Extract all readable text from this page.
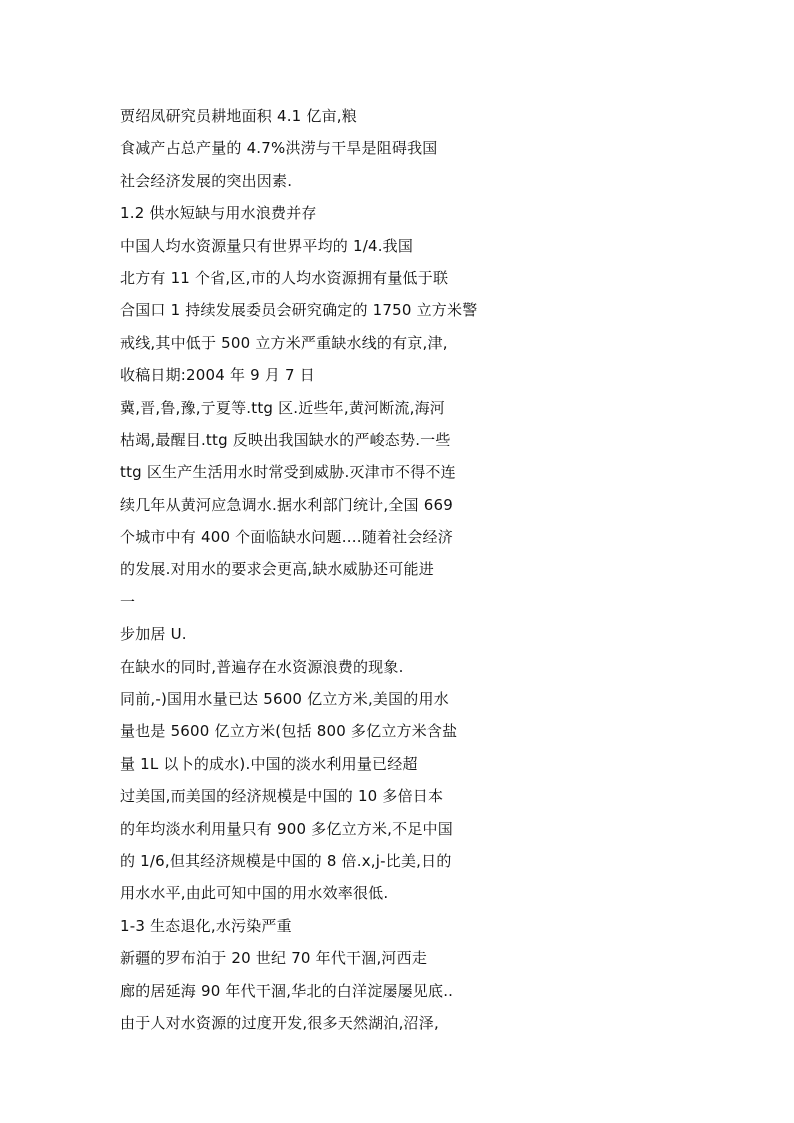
贾绍凤研究员耕地面积 4.1 亿亩,粮
食减产占总产量的 4.7%洪涝与干旱是阻碍我国
社会经济发展的突出因素.
1.2 供水短缺与用水浪费并存
中国人均水资源量只有世界平均的 1/4.我国
北方有 11 个省,区,市的人均水资源拥有量低于联
合国口 1 持续发展委员会研究确定的 1750 立方米警
戒线,其中低于 500 立方米严重缺水线的有京,津,
收稿日期:2004 年 9 月 7 日
冀,晋,鲁,豫,亍夏等.ttg 区.近些年,黄河断流,海河
枯竭,最醒目.ttg 反映出我国缺水的严峻态势.一些
ttg 区生产生活用水时常受到威胁.灭津市不得不连
续几年从黄河应急调水.据水利部门统计,全国 669
个城市中有 400 个面临缺水问题….随着社会经济
的发展.对用水的要求会更高,缺水威胁还可能进
一
步加居 U.
在缺水的同时,普遍存在水资源浪费的现象.
同前,-)国用水量已达 5600 亿立方米,美国的用水
量也是 5600 亿立方米(包括 800 多亿立方米含盐
量 1L 以卜的成水).中国的淡水利用量已经超
过美国,而美国的经济规模是中国的 10 多倍日本
的年均淡水利用量只有 900 多亿立方米,不足中国
的 1/6,但其经济规模是中国的 8 倍.x,j-比美,日的
用水水平,由此可知中国的用水效率很低.
1-3 生态退化,水污染严重
新疆的罗布泊于 20 世纪 70 年代干涸,河西走
廊的居延海 90 年代干涸,华北的白洋淀屡屡见底..
由于人对水资源的过度开发,很多天然湖泊,沼泽,
